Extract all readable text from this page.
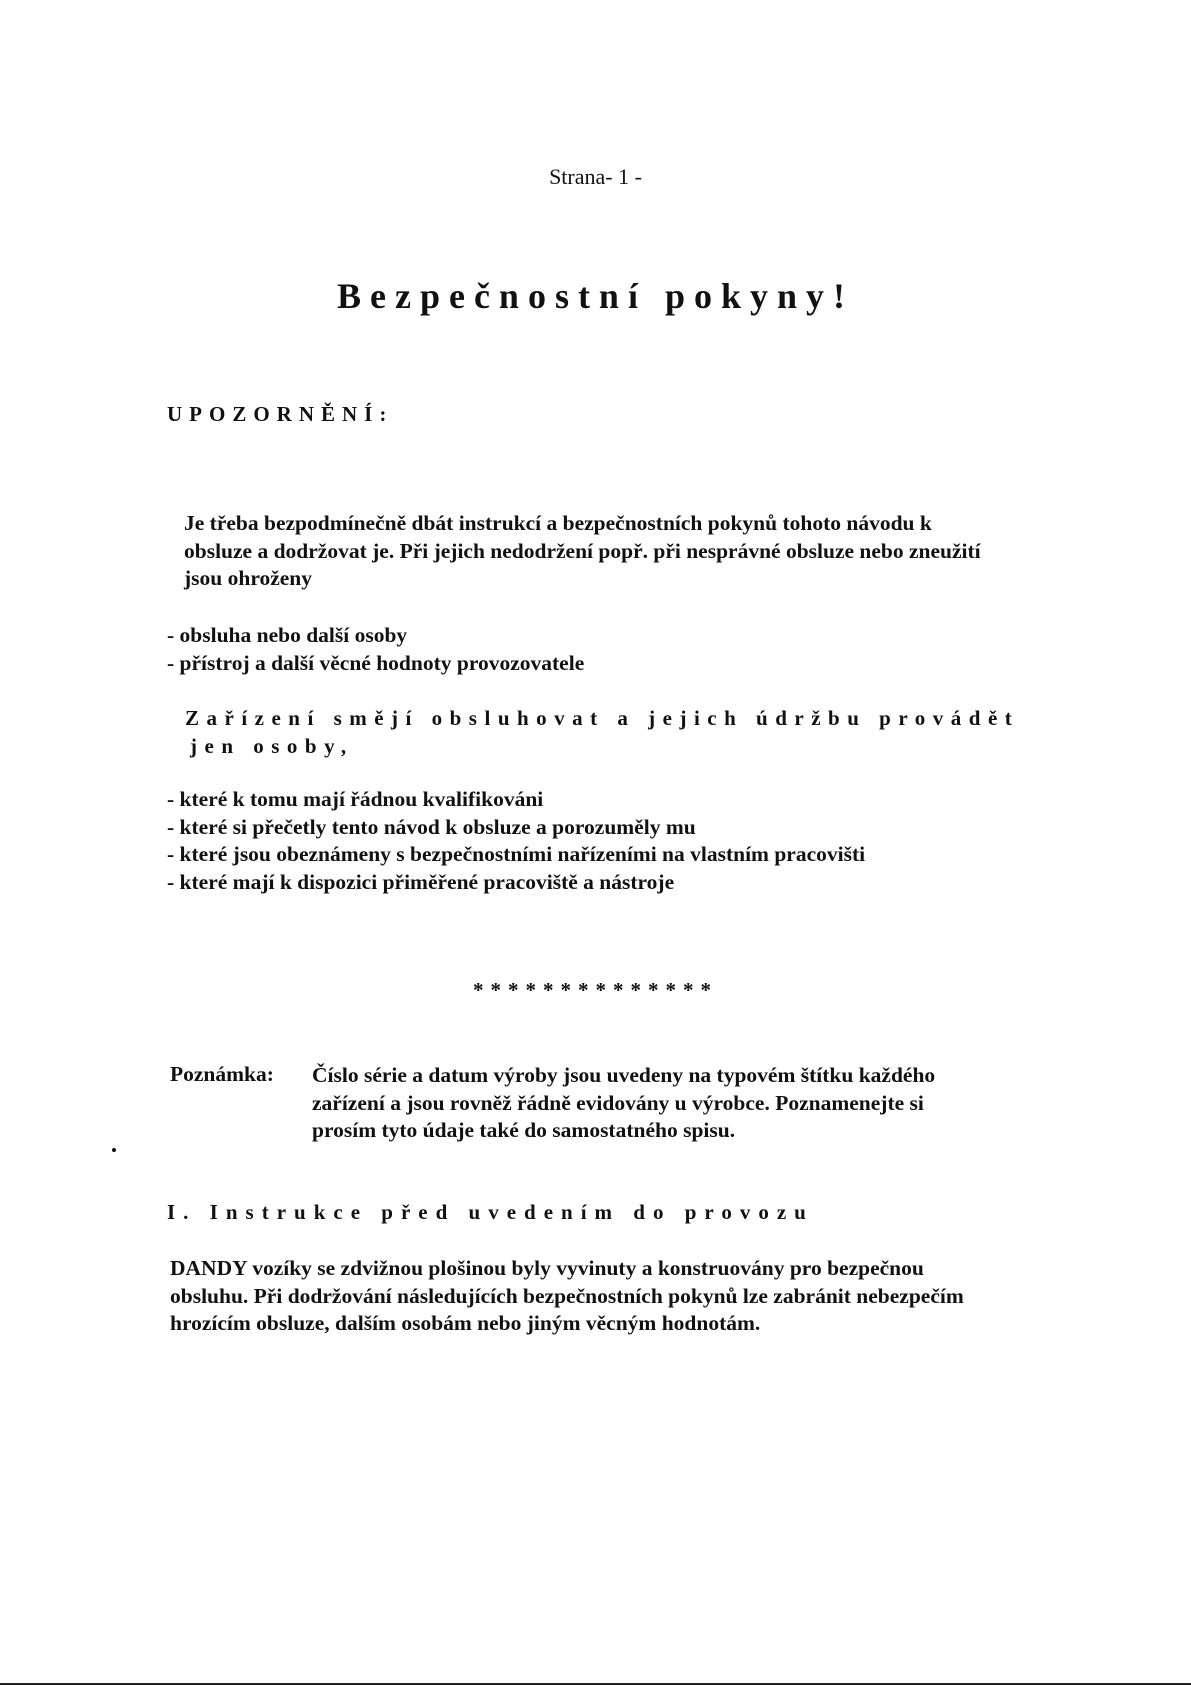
Strana- 1 -
Bezpečnostní pokyny!
UPOZORNĚNÍ:
Je třeba bezpodmínečně dbát instrukcí a bezpečnostních pokynů tohoto návodu k
obsluze a dodržovat je. Při jejich nedodržení popř. při nesprávné obsluze nebo zneužití
jsou ohroženy
- obsluha nebo další osoby
- přístroj a další věcné hodnoty provozovatele
Zařízení smějí obsluhovat a jejich údržbu provádět
jen osoby,
- které k tomu mají řádnou kvalifikováni
- které si přečetly tento návod k obsluze a porozuměly mu
- které jsou obeznámeny s bezpečnostními nařízeními na vlastním pracovišti
- které mají k dispozici přiměřené pracoviště a nástroje
**************
Poznámka: Číslo série a datum výroby jsou uvedeny na typovém štítku každého
zařízení a jsou rovněž řádně evidovány u výrobce. Poznamenejte si
prosím tyto údaje také do samostatného spisu.
I. Instrukce před uvedením do provozu
DANDY vozíky se zdvižnou plošinou byly vyvinuty a konstruovány pro bezpečnou
obsluhu. Při dodržování následujících bezpečnostních pokynů lze zabránit nebezpečím
hrozícím obsluze, dalším osobám nebo jiným věcným hodnotám.
